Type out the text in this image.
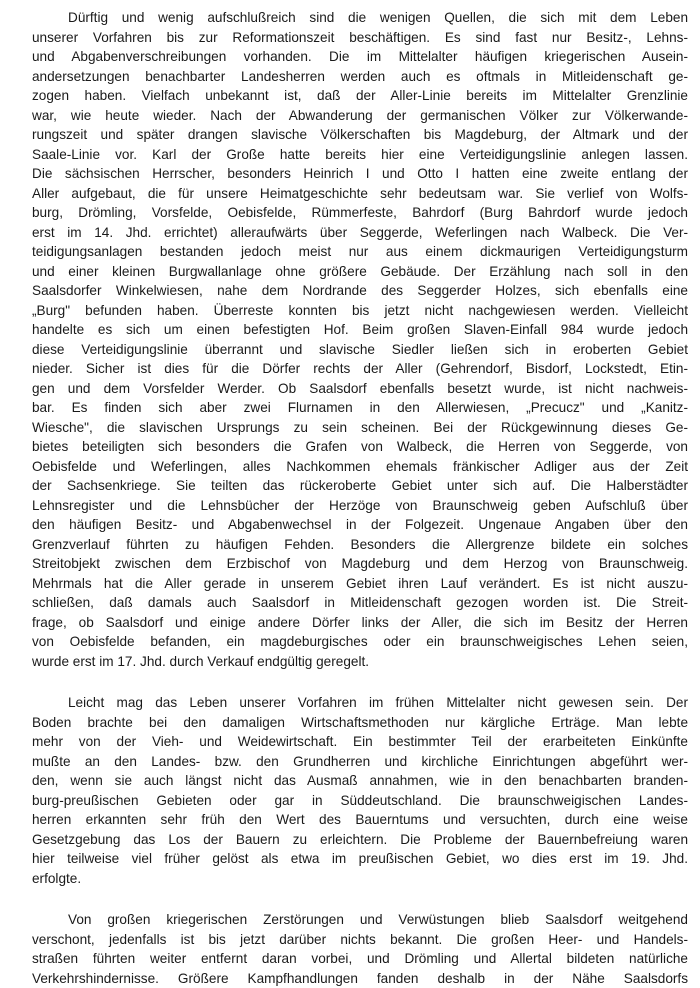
Dürftig und wenig aufschlußreich sind die wenigen Quellen, die sich mit dem Leben
unserer Vorfahren bis zur Reformationszeit beschäftigen. Es sind fast nur Besitz-, Lehns-
und Abgabenverschreibungen vorhanden. Die im Mittelalter häufigen kriegerischen Ausein-
andersetzungen benachbarter Landesherren werden auch es oftmals in Mitleidenschaft ge-
zogen haben. Vielfach unbekannt ist, daß der Aller-Linie bereits im Mittelalter Grenzlinie
war, wie heute wieder. Nach der Abwanderung der germanischen Völker zur Völkerwande-
rungszeit und später drangen slavische Völkerschaften bis Magdeburg, der Altmark und der
Saale-Linie vor. Karl der Große hatte bereits hier eine Verteidigungslinie anlegen lassen.
Die sächsischen Herrscher, besonders Heinrich I und Otto I hatten eine zweite entlang der
Aller aufgebaut, die für unsere Heimatgeschichte sehr bedeutsam war. Sie verlief von Wolfs-
burg, Drömling, Vorsfelde, Oebisfelde, Rümmerfeste, Bahrdorf (Burg Bahrdorf wurde jedoch
erst im 14. Jhd. errichtet) alleraufwärts über Seggerde, Weferlingen nach Walbeck. Die Ver-
teidigungsanlagen bestanden jedoch meist nur aus einem dickmaurigen Verteidigungsturm
und einer kleinen Burgwallanlage ohne größere Gebäude. Der Erzählung nach soll in den
Saalsdorfer Winkelwiesen, nahe dem Nordrande des Seggerder Holzes, sich ebenfalls eine
„Burg" befunden haben. Überreste konnten bis jetzt nicht nachgewiesen werden. Vielleicht
handelte es sich um einen befestigten Hof. Beim großen Slaven-Einfall 984 wurde jedoch
diese Verteidigungslinie überrannt und slavische Siedler ließen sich in eroberten Gebiet
nieder. Sicher ist dies für die Dörfer rechts der Aller (Gehrendorf, Bisdorf, Lockstedt, Etin-
gen und dem Vorsfelder Werder. Ob Saalsdorf ebenfalls besetzt wurde, ist nicht nachweis-
bar. Es finden sich aber zwei Flurnamen in den Allerwiesen, „Precucz" und „Kanitz-
Wiesche", die slavischen Ursprungs zu sein scheinen. Bei der Rückgewinnung dieses Ge-
bietes beteiligten sich besonders die Grafen von Walbeck, die Herren von Seggerde, von
Oebisfelde und Weferlingen, alles Nachkommen ehemals fränkischer Adliger aus der Zeit
der Sachsenkriege. Sie teilten das rückeroberte Gebiet unter sich auf. Die Halberstädter
Lehnsregister und die Lehnsbücher der Herzöge von Braunschweig geben Aufschluß über
den häufigen Besitz- und Abgabenwechsel in der Folgezeit. Ungenaue Angaben über den
Grenzverlauf führten zu häufigen Fehden. Besonders die Allergrenze bildete ein solches
Streitobjekt zwischen dem Erzbischof von Magdeburg und dem Herzog von Braunschweig.
Mehrmals hat die Aller gerade in unserem Gebiet ihren Lauf verändert. Es ist nicht auszu-
schließen, daß damals auch Saalsdorf in Mitleidenschaft gezogen worden ist. Die Streit-
frage, ob Saalsdorf und einige andere Dörfer links der Aller, die sich im Besitz der Herren
von Oebisfelde befanden, ein magdeburgisches oder ein braunschweigisches Lehen seien,
wurde erst im 17. Jhd. durch Verkauf endgültig geregelt.
Leicht mag das Leben unserer Vorfahren im frühen Mittelalter nicht gewesen sein. Der
Boden brachte bei den damaligen Wirtschaftsmethoden nur kärgliche Erträge. Man lebte
mehr von der Vieh- und Weidewirtschaft. Ein bestimmter Teil der erarbeiteten Einkünfte
mußte an den Landes- bzw. den Grundherren und kirchliche Einrichtungen abgeführt wer-
den, wenn sie auch längst nicht das Ausmaß annahmen, wie in den benachbarten branden-
burg-preußischen Gebieten oder gar in Süddeutschland. Die braunschweigischen Landes-
herren erkannten sehr früh den Wert des Bauerntums und versuchten, durch eine weise
Gesetzgebung das Los der Bauern zu erleichtern. Die Probleme der Bauernbefreiung waren
hier teilweise viel früher gelöst als etwa im preußischen Gebiet, wo dies erst im 19. Jhd.
erfolgte.
Von großen kriegerischen Zerstörungen und Verwüstungen blieb Saalsdorf weitgehend
verschont, jedenfalls ist bis jetzt darüber nichts bekannt. Die großen Heer- und Handels-
straßen führten weiter entfernt daran vorbei, und Drömling und Allertal bildeten natürliche
Verkehrshindernisse. Größere Kampfhandlungen fanden deshalb in der Nähe Saalsdorfs
